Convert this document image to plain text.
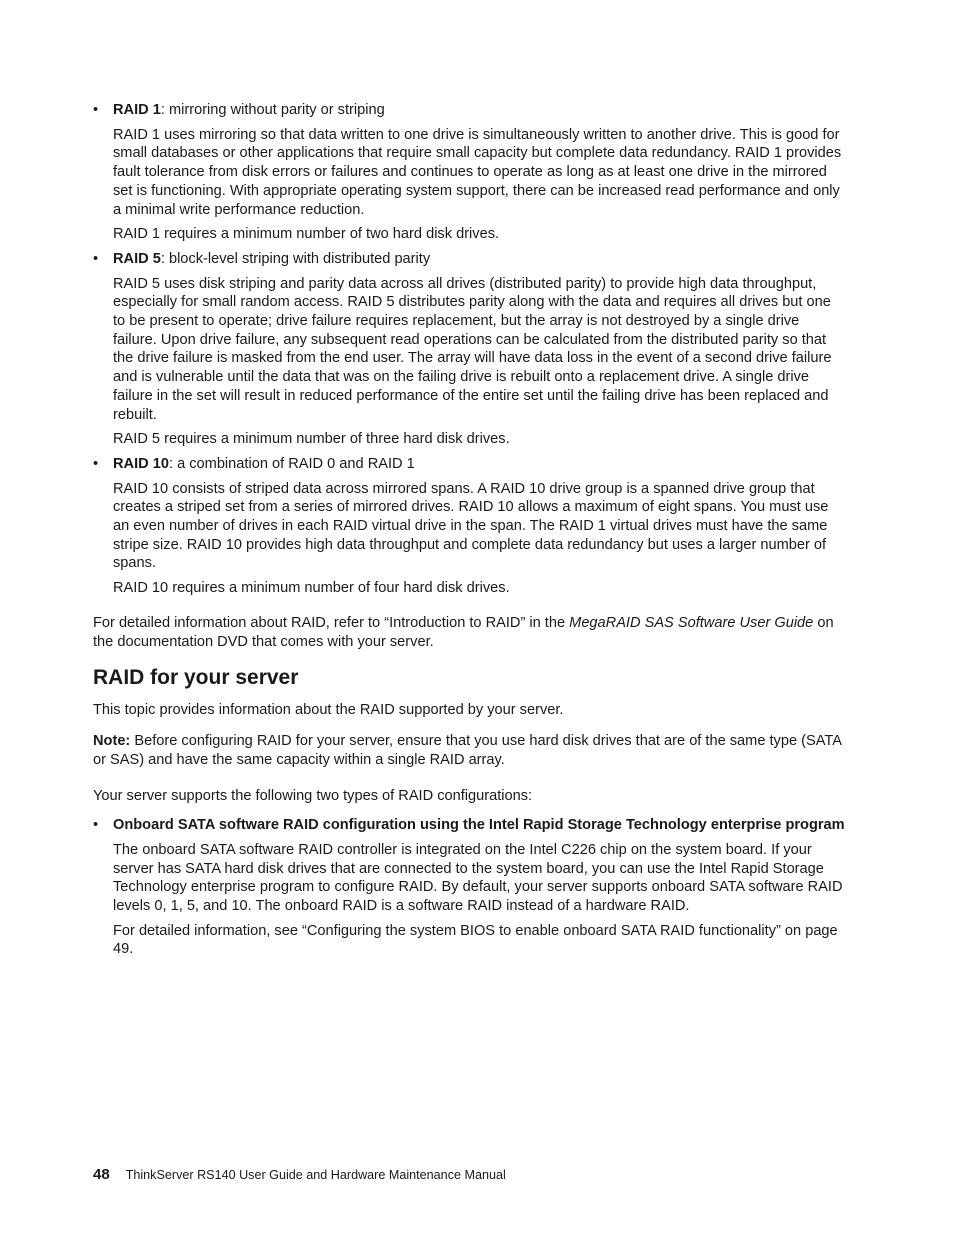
• RAID 1: mirroring without parity or striping

RAID 1 uses mirroring so that data written to one drive is simultaneously written to another drive. This is good for small databases or other applications that require small capacity but complete data redundancy. RAID 1 provides fault tolerance from disk errors or failures and continues to operate as long as at least one drive in the mirrored set is functioning. With appropriate operating system support, there can be increased read performance and only a minimal write performance reduction.

RAID 1 requires a minimum number of two hard disk drives.

• RAID 5: block-level striping with distributed parity

RAID 5 uses disk striping and parity data across all drives (distributed parity) to provide high data throughput, especially for small random access. RAID 5 distributes parity along with the data and requires all drives but one to be present to operate; drive failure requires replacement, but the array is not destroyed by a single drive failure. Upon drive failure, any subsequent read operations can be calculated from the distributed parity so that the drive failure is masked from the end user. The array will have data loss in the event of a second drive failure and is vulnerable until the data that was on the failing drive is rebuilt onto a replacement drive. A single drive failure in the set will result in reduced performance of the entire set until the failing drive has been replaced and rebuilt.

RAID 5 requires a minimum number of three hard disk drives.

• RAID 10: a combination of RAID 0 and RAID 1

RAID 10 consists of striped data across mirrored spans. A RAID 10 drive group is a spanned drive group that creates a striped set from a series of mirrored drives. RAID 10 allows a maximum of eight spans. You must use an even number of drives in each RAID virtual drive in the span. The RAID 1 virtual drives must have the same stripe size. RAID 10 provides high data throughput and complete data redundancy but uses a larger number of spans.

RAID 10 requires a minimum number of four hard disk drives.

For detailed information about RAID, refer to “Introduction to RAID” in the MegaRAID SAS Software User Guide on the documentation DVD that comes with your server.

RAID for your server

This topic provides information about the RAID supported by your server.

Note: Before configuring RAID for your server, ensure that you use hard disk drives that are of the same type (SATA or SAS) and have the same capacity within a single RAID array.

Your server supports the following two types of RAID configurations:

• Onboard SATA software RAID configuration using the Intel Rapid Storage Technology enterprise program

The onboard SATA software RAID controller is integrated on the Intel C226 chip on the system board. If your server has SATA hard disk drives that are connected to the system board, you can use the Intel Rapid Storage Technology enterprise program to configure RAID. By default, your server supports onboard SATA software RAID levels 0, 1, 5, and 10. The onboard RAID is a software RAID instead of a hardware RAID.

For detailed information, see “Configuring the system BIOS to enable onboard SATA RAID functionality” on page 49.

48 ThinkServer RS140 User Guide and Hardware Maintenance Manual
